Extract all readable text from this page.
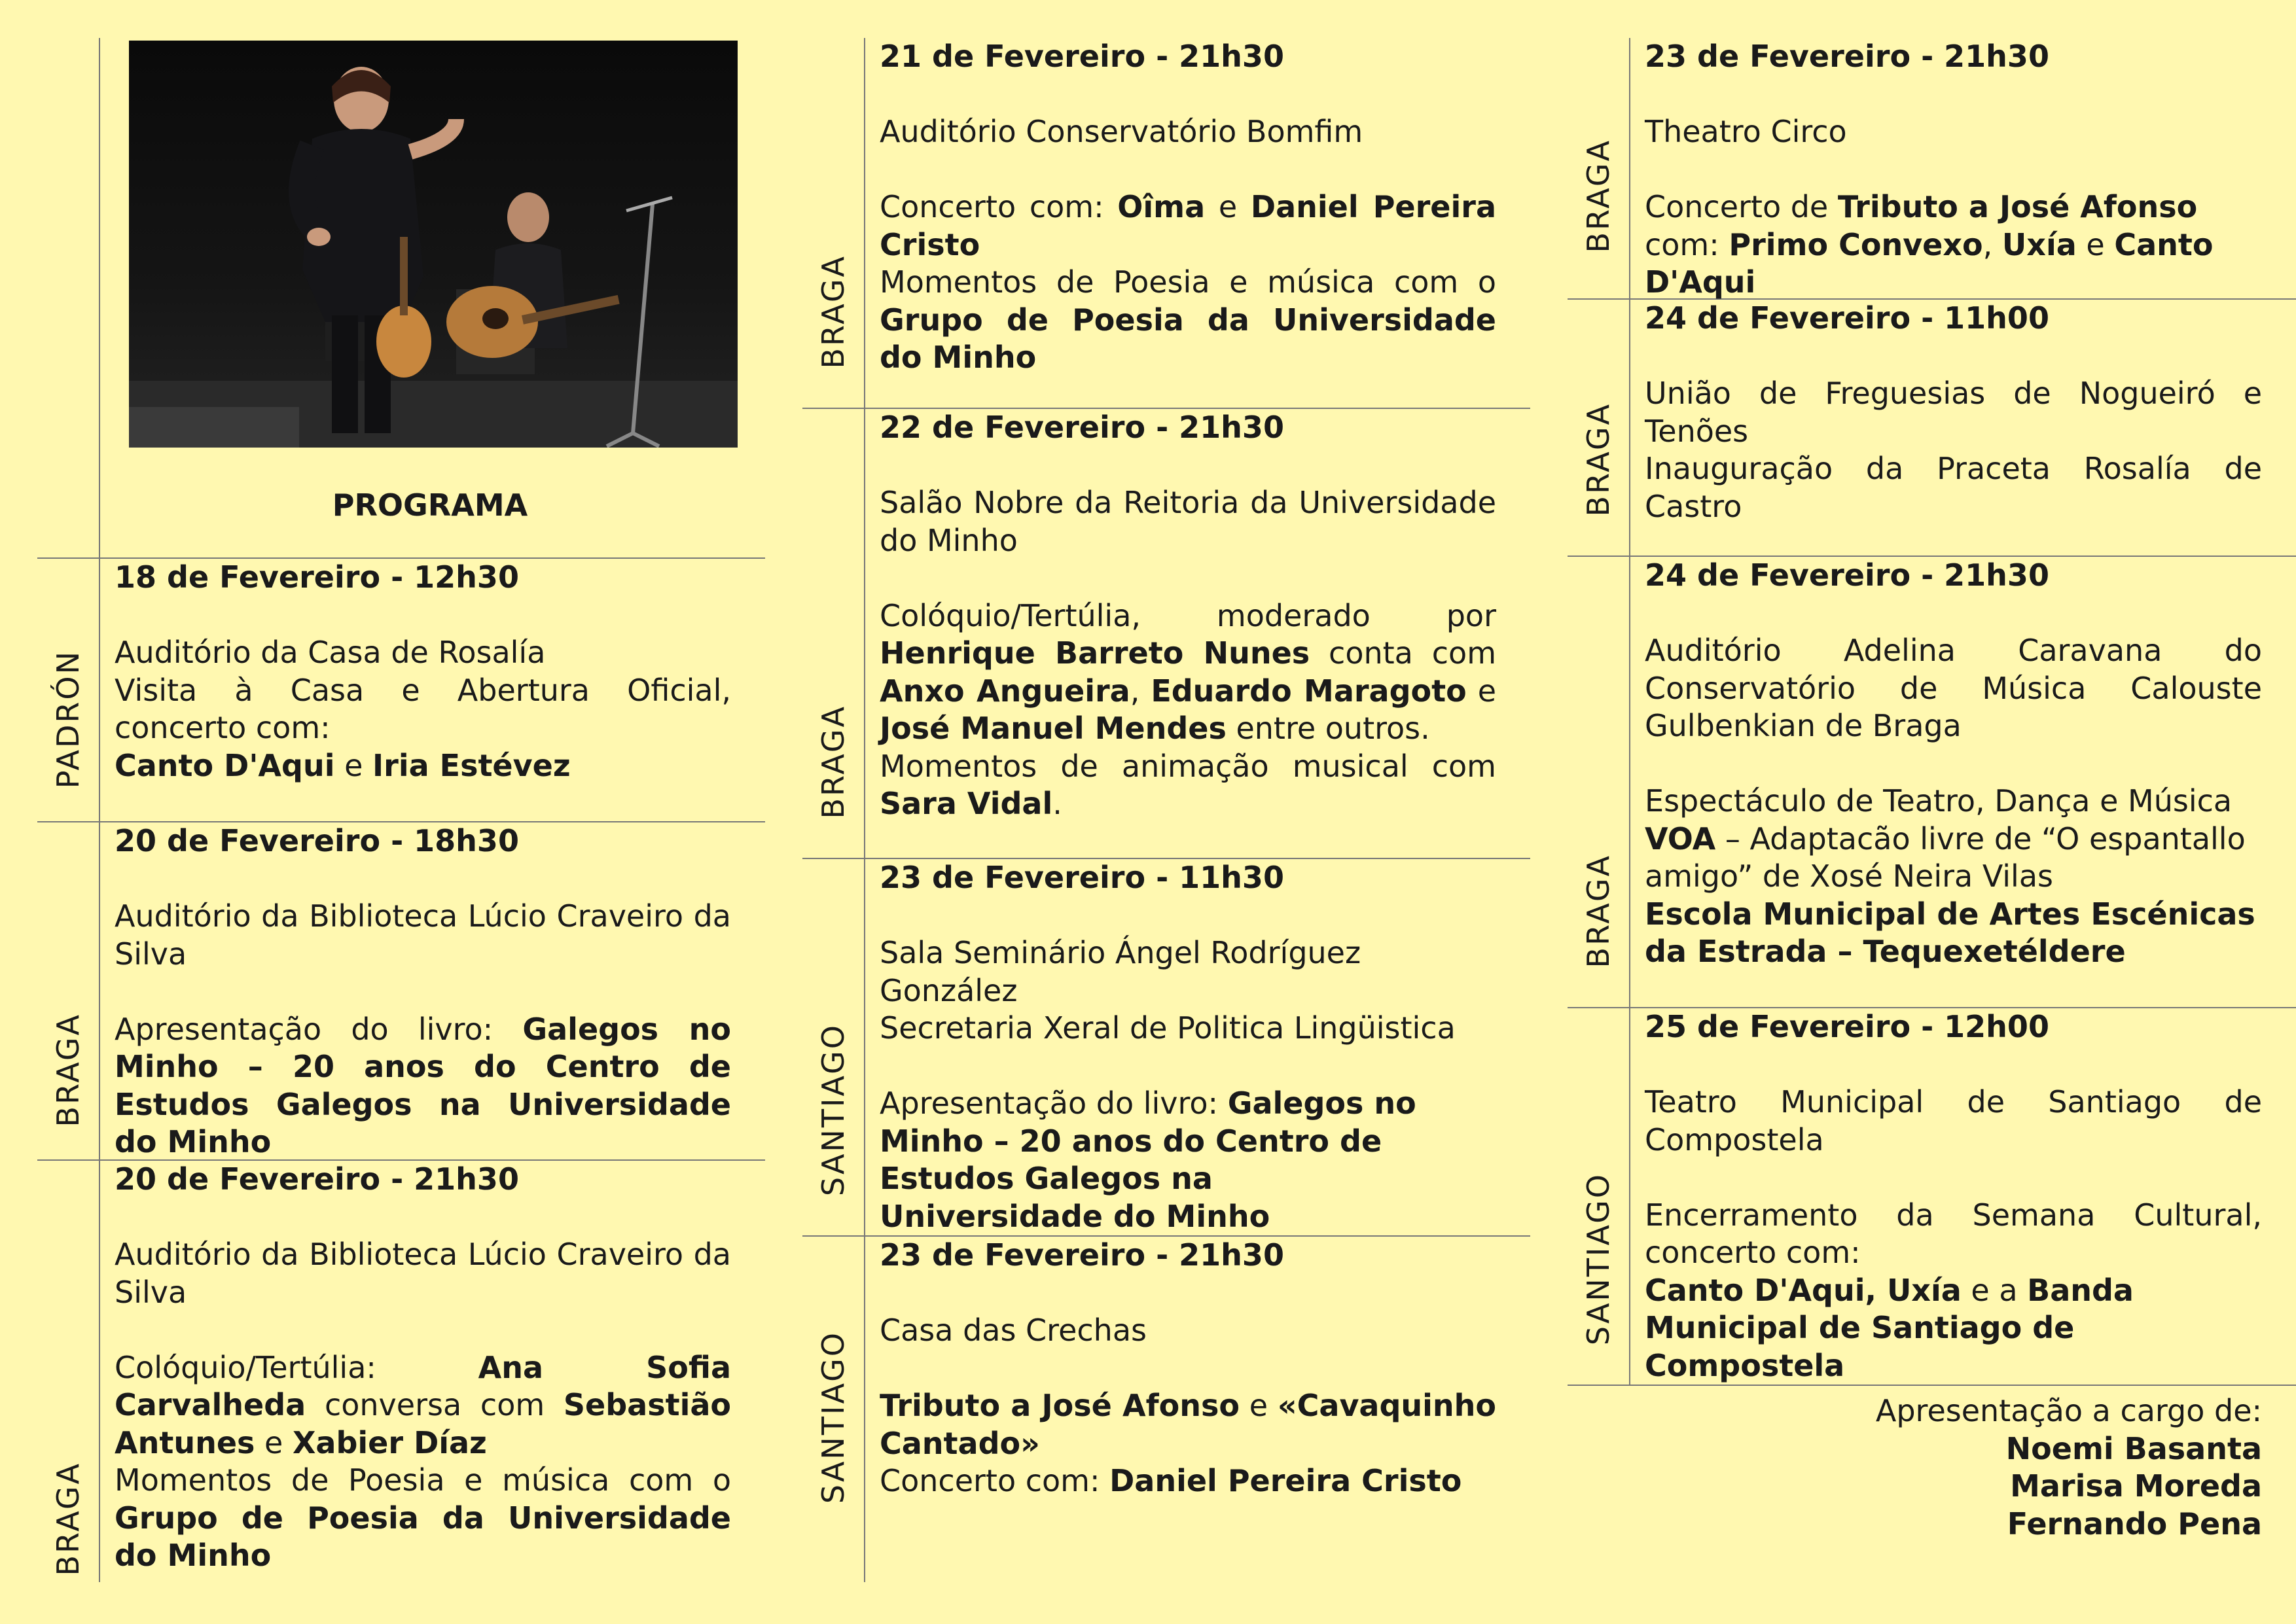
PROGRAMA
PADRÓN

18 de Fevereiro - 12h30

Auditório da Casa de Rosalía

Visita à Casa e Abertura Oficial, concerto com:

Canto D'Aqui e Iria Estévez

BRAGA

20 de Fevereiro - 18h30

Auditório da Biblioteca Lúcio Craveiro da Silva

Apresentação do livro: Galegos no Minho – 20 anos do Centro de Estudos Galegos na Universidade do Minho

BRAGA

20 de Fevereiro - 21h30

Auditório da Biblioteca Lúcio Craveiro da Silva

Colóquio/Tertúlia: Ana Sofia Carvalheda conversa com Sebastião Antunes e Xabier Díaz

Momentos de Poesia e música com o Grupo de Poesia da Universidade do Minho

BRAGA

21 de Fevereiro - 21h30

Auditório Conservatório Bomfim

Concerto com: Oîma e Daniel Pereira Cristo

Momentos de Poesia e música com o Grupo de Poesia da Universidade do Minho

BRAGA

22 de Fevereiro - 21h30

Salão Nobre da Reitoria da Universidade do Minho

Colóquio/Tertúlia, moderado por Henrique Barreto Nunes conta com Anxo Angueira, Eduardo Maragoto e José Manuel Mendes entre outros.

Momentos de animação musical com Sara Vidal.

SANTIAGO

23 de Fevereiro - 11h30

Sala Seminário Ángel Rodríguez González

Secretaria Xeral de Politica Lingüistica

Apresentação do livro: Galegos no Minho – 20 anos do Centro de Estudos Galegos na Universidade do Minho

SANTIAGO

23 de Fevereiro - 21h30

Casa das Crechas

Tributo a José Afonso e «Cavaquinho Cantado»

Concerto com: Daniel Pereira Cristo

BRAGA

23 de Fevereiro - 21h30

Theatro Circo

Concerto de Tributo a José Afonso com: Primo Convexo, Uxía e Canto D'Aqui

BRAGA

24 de Fevereiro - 11h00

União de Freguesias de Nogueiró e Tenões

Inauguração da Praceta Rosalía de Castro

BRAGA

24 de Fevereiro - 21h30

Auditório Adelina Caravana do Conservatório de Música Calouste Gulbenkian de Braga

Espectáculo de Teatro, Dança e Música

VOA – Adaptacão livre de “O espantallo amigo” de Xosé Neira Vilas

Escola Municipal de Artes Escénicas da Estrada – Tequexetéldere

SANTIAGO

25 de Fevereiro - 12h00

Teatro Municipal de Santiago de Compostela

Encerramento da Semana Cultural, concerto com:

Canto D'Aqui, Uxía e a Banda Municipal de Santiago de Compostela

Apresentação a cargo de:

Noemi Basanta

Marisa Moreda

Fernando Pena
